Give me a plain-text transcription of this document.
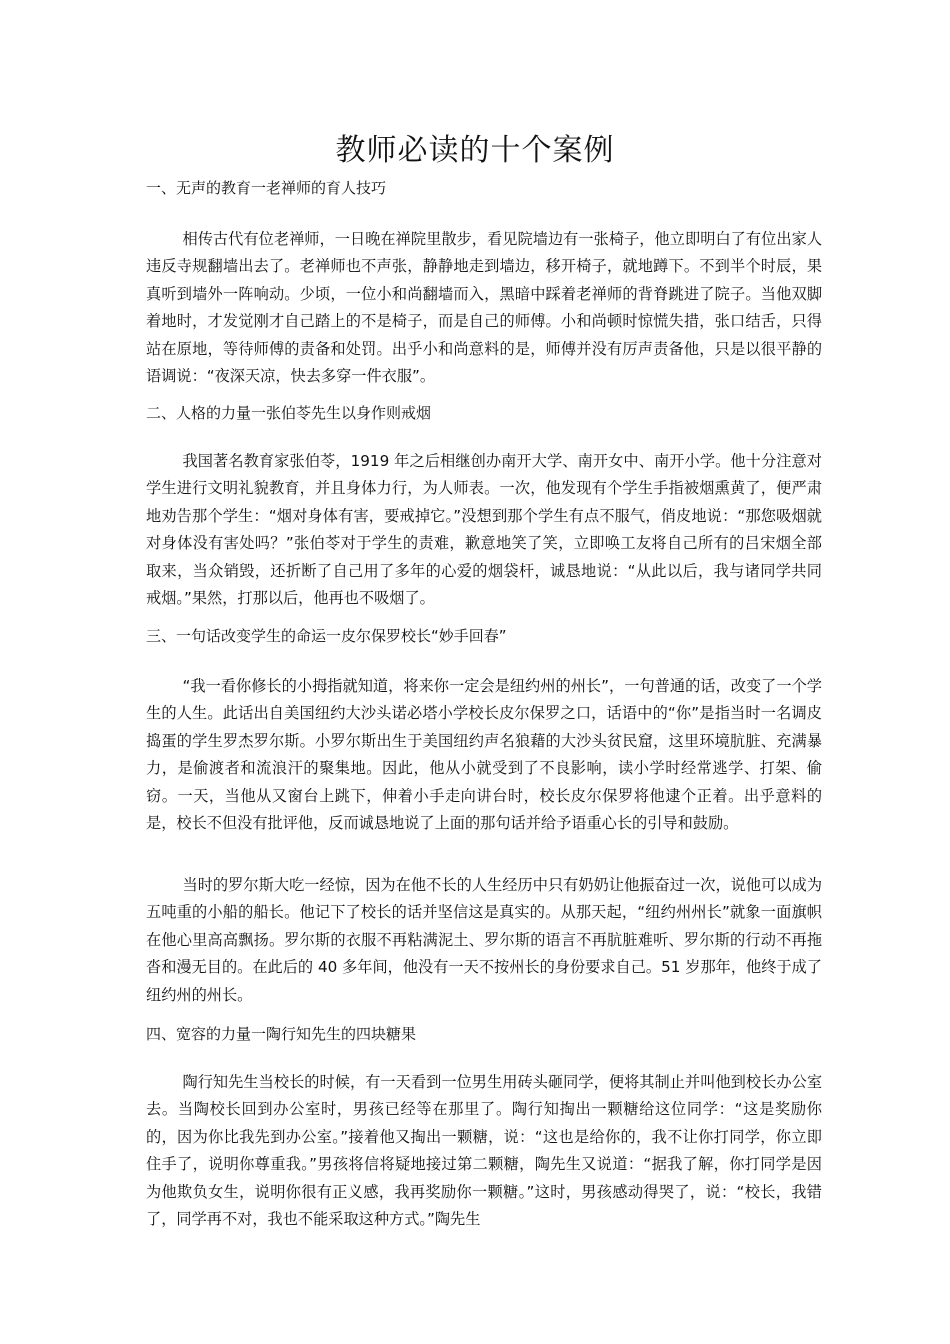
教师必读的十个案例
一、无声的教育一老禅师的育人技巧
相传古代有位老禅师，一日晚在禅院里散步，看见院墙边有一张椅子，他立即明白了有位出家人违反寺规翻墙出去了。老禅师也不声张，静静地走到墙边，移开椅子，就地蹲下。不到半个时辰，果真听到墙外一阵响动。少顷，一位小和尚翻墙而入，黑暗中踩着老禅师的背脊跳进了院子。当他双脚着地时，才发觉刚才自己踏上的不是椅子，而是自己的师傅。小和尚顿时惊慌失措，张口结舌，只得站在原地，等待师傅的责备和处罚。出乎小和尚意料的是，师傅并没有厉声责备他，只是以很平静的语调说：“夜深天凉，快去多穿一件衣服”。
二、人格的力量一张伯苓先生以身作则戒烟
我国著名教育家张伯苓，1919 年之后相继创办南开大学、南开女中、南开小学。他十分注意对学生进行文明礼貌教育，并且身体力行，为人师表。一次，他发现有个学生手指被烟熏黄了，便严肃地劝告那个学生：“烟对身体有害，要戒掉它。”没想到那个学生有点不服气，俏皮地说：“那您吸烟就对身体没有害处吗？”张伯苓对于学生的责难，歉意地笑了笑，立即唤工友将自己所有的吕宋烟全部取来，当众销毁，还折断了自己用了多年的心爱的烟袋杆，诚恳地说：“从此以后，我与诸同学共同戒烟。”果然，打那以后，他再也不吸烟了。
三、一句话改变学生的命运一皮尔保罗校长“妙手回春”
“我一看你修长的小拇指就知道，将来你一定会是纽约州的州长”，一句普通的话，改变了一个学生的人生。此话出自美国纽约大沙头诺必塔小学校长皮尔保罗之口，话语中的“你”是指当时一名调皮捣蛋的学生罗杰罗尔斯。小罗尔斯出生于美国纽约声名狼藉的大沙头贫民窟，这里环境肮脏、充满暴力，是偷渡者和流浪汗的聚集地。因此，他从小就受到了不良影响，读小学时经常逃学、打架、偷窃。一天，当他从又窗台上跳下，伸着小手走向讲台时，校长皮尔保罗将他逮个正着。出乎意料的是，校长不但没有批评他，反而诚恳地说了上面的那句话并给予语重心长的引导和鼓励。
当时的罗尔斯大吃一经惊，因为在他不长的人生经历中只有奶奶让他振奋过一次，说他可以成为五吨重的小船的船长。他记下了校长的话并坚信这是真实的。从那天起，“纽约州州长”就象一面旗帜在他心里高高飘扬。罗尔斯的衣服不再粘满泥土、罗尔斯的语言不再肮脏难听、罗尔斯的行动不再拖沓和漫无目的。在此后的 40 多年间，他没有一天不按州长的身份要求自己。51 岁那年，他终于成了纽约州的州长。
四、宽容的力量一陶行知先生的四块糖果
陶行知先生当校长的时候，有一天看到一位男生用砖头砸同学，便将其制止并叫他到校长办公室去。当陶校长回到办公室时，男孩已经等在那里了。陶行知掏出一颗糖给这位同学：“这是奖励你的，因为你比我先到办公室。”接着他又掏出一颗糖，说：“这也是给你的，我不让你打同学，你立即住手了，说明你尊重我。”男孩将信将疑地接过第二颗糖，陶先生又说道：“据我了解，你打同学是因为他欺负女生，说明你很有正义感，我再奖励你一颗糖。”这时，男孩感动得哭了，说：“校长，我错了，同学再不对，我也不能采取这种方式。”陶先生
